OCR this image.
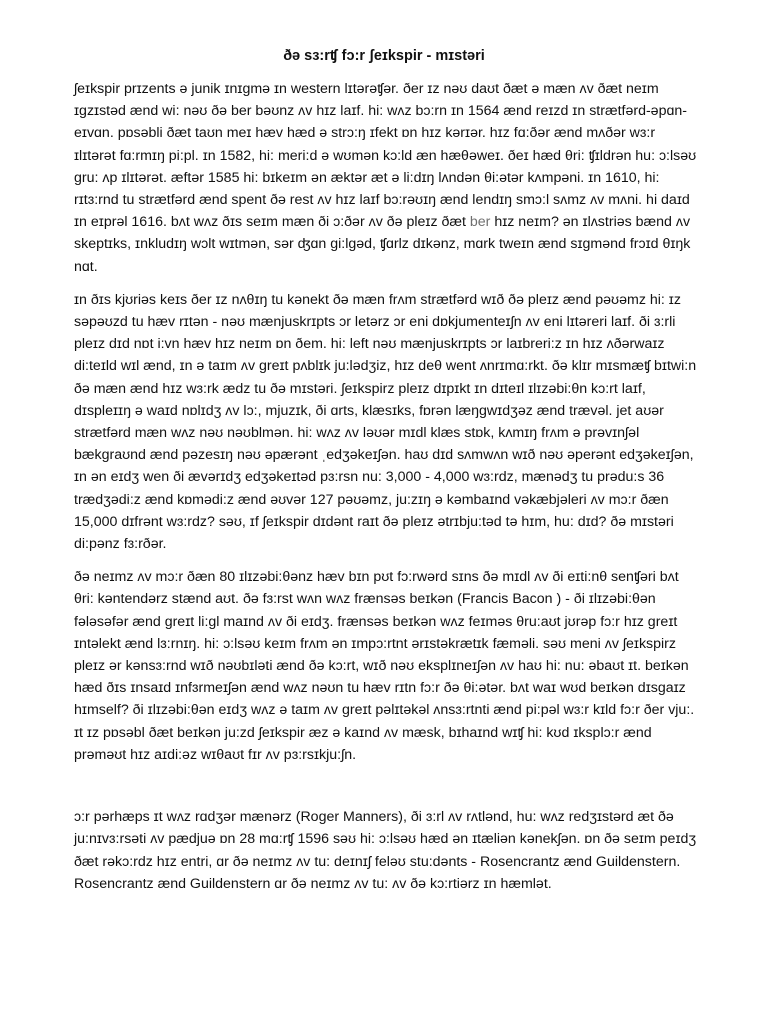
ðə sɜ:rʧ fɔ:r ʃeɪkspir - mɪstəri

ʃeɪkspir prɪzents ə junik ɪnɪgmə ɪn western lɪtərəʧər. ðer ɪz nəʊ daʊt ðæt ə mæn ʌv ðæt neɪm ɪgzɪstəd ænd wi: nəʊ ðə ber bəʊnz ʌv hɪz laɪf. hi: wʌz bɔ:rn ɪn 1564 ænd reɪzd ɪn strætfərd-əpɑn-eɪvɑn. pɒsəbli ðæt taʊn meɪ hæv hæd ə strɔ:ŋ ɪfekt ɒn hɪz kərɪər. hɪz fɑ:ðər ænd mʌðər wɜ:r ɪlɪtərət fɑ:rmɪŋ pi:pl. ɪn 1582, hi: meri:d ə wʊmən kɔ:ld æn hæθəweɪ. ðeɪ hæd θri: ʧɪldrən hu: ɔ:lsəʊ gru: ʌp ɪlɪtərət. æftər 1585 hi: bɪkeɪm ən æktər æt ə li:dɪŋ lʌndən θi:ətər kʌmpəni. ɪn 1610, hi: rɪtɜ:rnd tu strætfərd ænd spent ðə rest ʌv hɪz laɪf bɔ:rəʊɪŋ ænd lendɪŋ smɔ:l sʌmz ʌv mʌni. hi daɪd ɪn eɪprəl 1616. bʌt wʌz ðɪs seɪm mæn ði ɔ:ðər ʌv ðə pleɪz ðæt ber hɪz neɪm? ən ɪlʌstriəs bænd ʌv skeptɪks, ɪnkludɪŋ wɔlt wɪtmən, sər ʤɑn gi:lgəd, ʧɑrlz dɪkənz, mɑrk tweɪn ænd sɪgmənd frɔɪd θɪŋk nɑt.

ɪn ðɪs kjʊriəs keɪs ðer ɪz nʌθɪŋ tu kənekt ðə mæn frʌm strætfərd wɪð ðə pleɪz ænd pəʊəmz hi: ɪz səpəʊzd tu hæv rɪtən - nəʊ mænjuskrɪpts ɔr letərz ɔr eni dɒkjumenteɪʃn ʌv eni lɪtəreri laɪf. ði ɜ:rli pleɪz dɪd nɒt i:vn hæv hɪz neɪm ɒn ðem. hi: left nəʊ mænjuskrɪpts ɔr laɪbreri:z ɪn hɪz ʌðərwaɪz di:teɪld wɪl ænd, ɪn ə taɪm ʌv greɪt pʌblɪk ju:lədʒiz, hɪz deθ went ʌnrɪmɑ:rkt. ðə klɪr mɪsmæʧ bɪtwi:n ðə mæn ænd hɪz wɜ:rk ædz tu ðə mɪstəri. ʃeɪkspirz pleɪz dɪpɪkt ɪn dɪteɪl ɪlɪzəbi:θn kɔ:rt laɪf, dɪspleɪɪŋ ə waɪd nɒlɪdʒ ʌv lɔ:, mjuzɪk, ði ɑrts, klæsɪks, fɒrən læŋgwɪdʒəz ænd trævəl. jet aʊər strætfərd mæn wʌz nəʊ nəʊblmən. hi: wʌz ʌv ləʊər mɪdl klæs stɒk, kʌmɪŋ frʌm ə prəvɪnʃəl bækgraʊnd ænd pəzesɪŋ nəʊ əpærənt ˌedʒəkeɪʃən. haʊ dɪd sʌmwʌn wɪð nəʊ əperənt edʒəkeɪʃən, ɪn ən eɪdʒ wen ði ævərɪdʒ edʒəkeɪtəd pɜ:rsn nu: 3,000 - 4,000 wɜ:rdz, mænədʒ tu prədu:s 36 trædʒədi:z ænd kɒmədi:z ænd əʊvər 127 pəʊəmz, ju:zɪŋ ə kəmbaɪnd vəkæbjəleri ʌv mɔ:r ðæn 15,000 dɪfrənt wɜ:rdz? səʊ, ɪf ʃeɪkspir dɪdənt raɪt ðə pleɪz ətrɪbju:təd tə hɪm, hu: dɪd? ðə mɪstəri di:pənz fɜ:rðər.

ðə neɪmz ʌv mɔ:r ðæn 80 ɪlɪzəbi:θənz hæv bɪn pʊt fɔ:rwərd sɪns ðə mɪdl ʌv ði eɪti:nθ senʧəri bʌt θri: kəntendərz stænd aʊt. ðə fɜ:rst wʌn wʌz frænsəs beɪkən (Francis Bacon ) - ði ɪlɪzəbi:θən fələsəfər ænd greɪt li:gl maɪnd ʌv ði eɪdʒ. frænsəs beɪkən wʌz feɪməs θru:aʊt jʊrəp fɔ:r hɪz greɪt ɪntəlekt ænd lɜ:rnɪŋ. hi: ɔ:lsəʊ keɪm frʌm ən ɪmpɔ:rtnt ərɪstəkrætɪk fæməli. səʊ meni ʌv ʃeɪkspirz pleɪz ər kənsɜ:rnd wɪð nəʊbɪləti ænd ðə kɔ:rt, wɪð nəʊ eksplɪneɪʃən ʌv haʊ hi: nu: əbaʊt ɪt. beɪkən hæd ðɪs ɪnsaɪd ɪnfɜrmeɪʃən ænd wʌz nəʊn tu hæv rɪtn fɔ:r ðə θi:ətər. bʌt waɪ wʊd beɪkən dɪsgaɪz hɪmself? ði ɪlɪzəbi:θən eɪdʒ wʌz ə taɪm ʌv greɪt pəlɪtəkəl ʌnsɜ:rtnti ænd pi:pəl wɜ:r kɪld fɔ:r ðer vju:. ɪt ɪz pɒsəbl ðæt beɪkən ju:zd ʃeɪkspir æz ə kaɪnd ʌv mæsk, bɪhaɪnd wɪʧ hi: kʊd ɪksplɔ:r ænd prəməʊt hɪz aɪdi:əz wɪθaʊt fɪr ʌv pɜ:rsɪkju:ʃn.

ɔ:r pərhæps ɪt wʌz rɑdʒər mænərz (Roger Manners), ði ɜ:rl ʌv rʌtlənd, hu: wʌz redʒɪstərd æt ðə ju:nɪvɜ:rsəti ʌv pædjuə ɒn 28 mɑ:rʧ 1596 səʊ hi: ɔ:lsəʊ hæd ən ɪtæliən kənekʃən. ɒn ðə seɪm peɪdʒ ðæt rəkɔ:rdz hɪz entri, ɑr ðə neɪmz ʌv tu: deɪnɪʃ feləʊ stu:dənts - Rosencrantz ænd Guildenstern. Rosencrantz ænd Guildenstern ɑr ðə neɪmz ʌv tu: ʌv ðə kɔ:rtiərz ɪn hæmlət.
